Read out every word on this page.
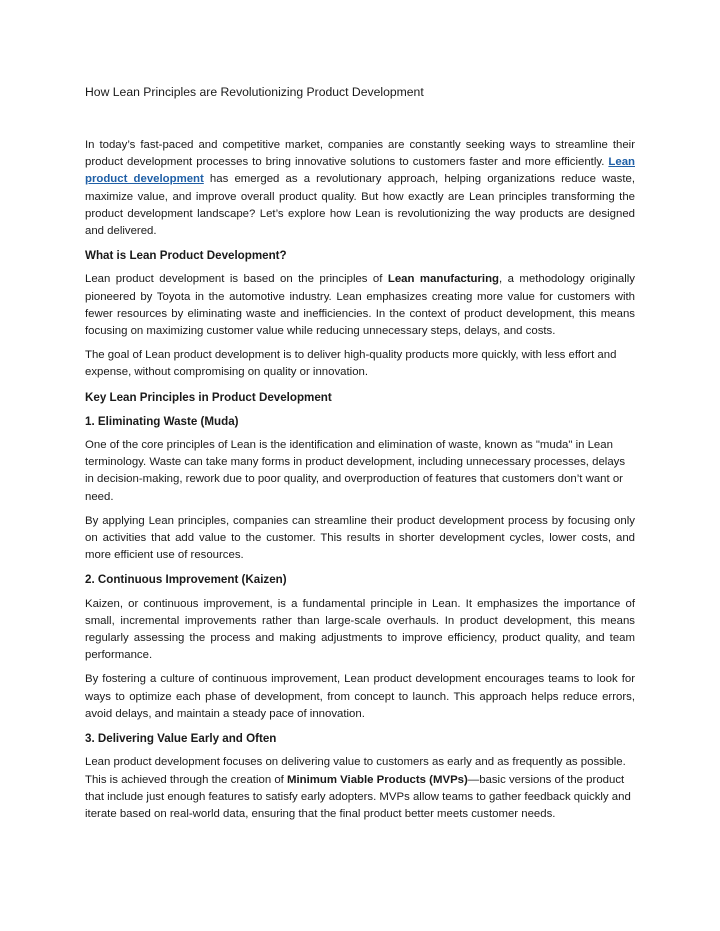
How Lean Principles are Revolutionizing Product Development

In today’s fast-paced and competitive market, companies are constantly seeking ways to streamline their product development processes to bring innovative solutions to customers faster and more efficiently. Lean product development has emerged as a revolutionary approach, helping organizations reduce waste, maximize value, and improve overall product quality. But how exactly are Lean principles transforming the product development landscape? Let’s explore how Lean is revolutionizing the way products are designed and delivered.

What is Lean Product Development?

Lean product development is based on the principles of Lean manufacturing, a methodology originally pioneered by Toyota in the automotive industry. Lean emphasizes creating more value for customers with fewer resources by eliminating waste and inefficiencies. In the context of product development, this means focusing on maximizing customer value while reducing unnecessary steps, delays, and costs.

The goal of Lean product development is to deliver high-quality products more quickly, with less effort and expense, without compromising on quality or innovation.

Key Lean Principles in Product Development
1. Eliminating Waste (Muda)

One of the core principles of Lean is the identification and elimination of waste, known as "muda" in Lean terminology. Waste can take many forms in product development, including unnecessary processes, delays in decision-making, rework due to poor quality, and overproduction of features that customers don’t want or need.

By applying Lean principles, companies can streamline their product development process by focusing only on activities that add value to the customer. This results in shorter development cycles, lower costs, and more efficient use of resources.

2. Continuous Improvement (Kaizen)

Kaizen, or continuous improvement, is a fundamental principle in Lean. It emphasizes the importance of small, incremental improvements rather than large-scale overhauls. In product development, this means regularly assessing the process and making adjustments to improve efficiency, product quality, and team performance.

By fostering a culture of continuous improvement, Lean product development encourages teams to look for ways to optimize each phase of development, from concept to launch. This approach helps reduce errors, avoid delays, and maintain a steady pace of innovation.

3. Delivering Value Early and Often

Lean product development focuses on delivering value to customers as early and as frequently as possible. This is achieved through the creation of Minimum Viable Products (MVPs)—basic versions of the product that include just enough features to satisfy early adopters. MVPs allow teams to gather feedback quickly and iterate based on real-world data, ensuring that the final product better meets customer needs.
